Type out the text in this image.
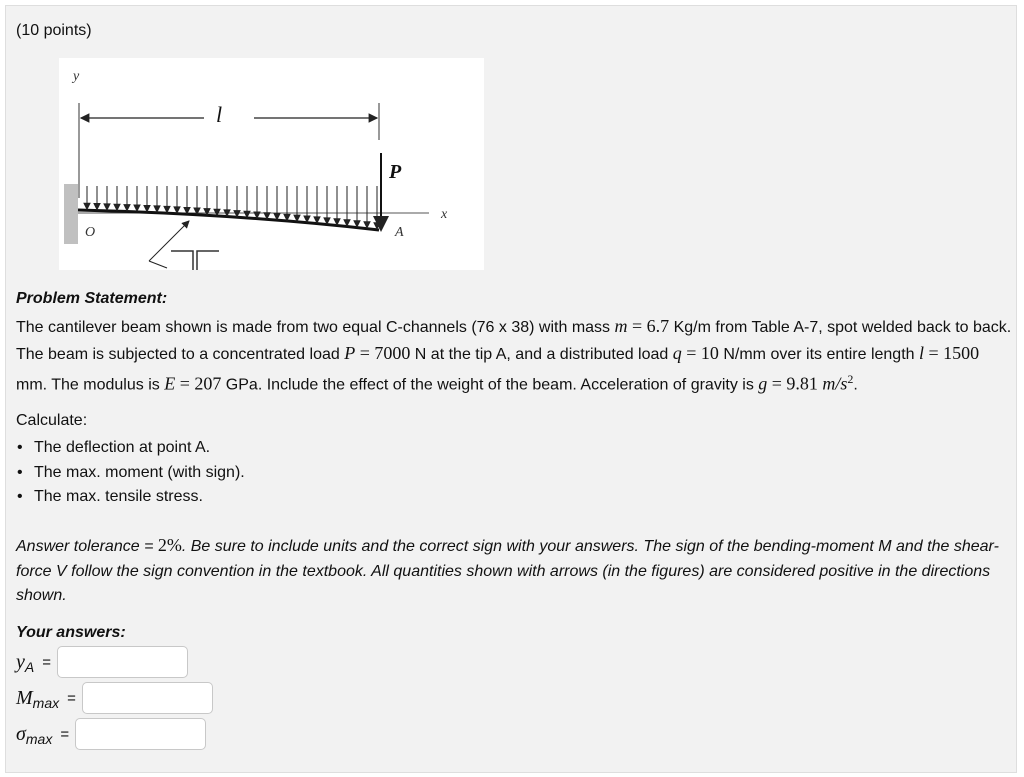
(10 points)
y
l
x
P
O	A
Problem Statement:
The cantilever beam shown is made from two equal C-channels (76 x 38) with mass m = 6.7 Kg/m from Table A-7, spot welded back to back. The beam is subjected to a concentrated load P = 7000 N at the tip A, and a distributed load q = 10 N/mm over its entire length l = 1500 mm. The modulus is E = 207 GPa. Include the effect of the weight of the beam. Acceleration of gravity is g = 9.81 $m/s^2$.
Calculate:
• The deflection at point A.
• The max. moment (with sign).
• The max. tensile stress.
Answer tolerance = 2%. Be sure to include units and the correct sign with your answers. The sign of the bending-moment M and the shear-force V follow the sign convention in the textbook. All quantities shown with arrows (in the figures) are considered positive in the directions shown.
Your answers:
y A =
M max =
σ max =
